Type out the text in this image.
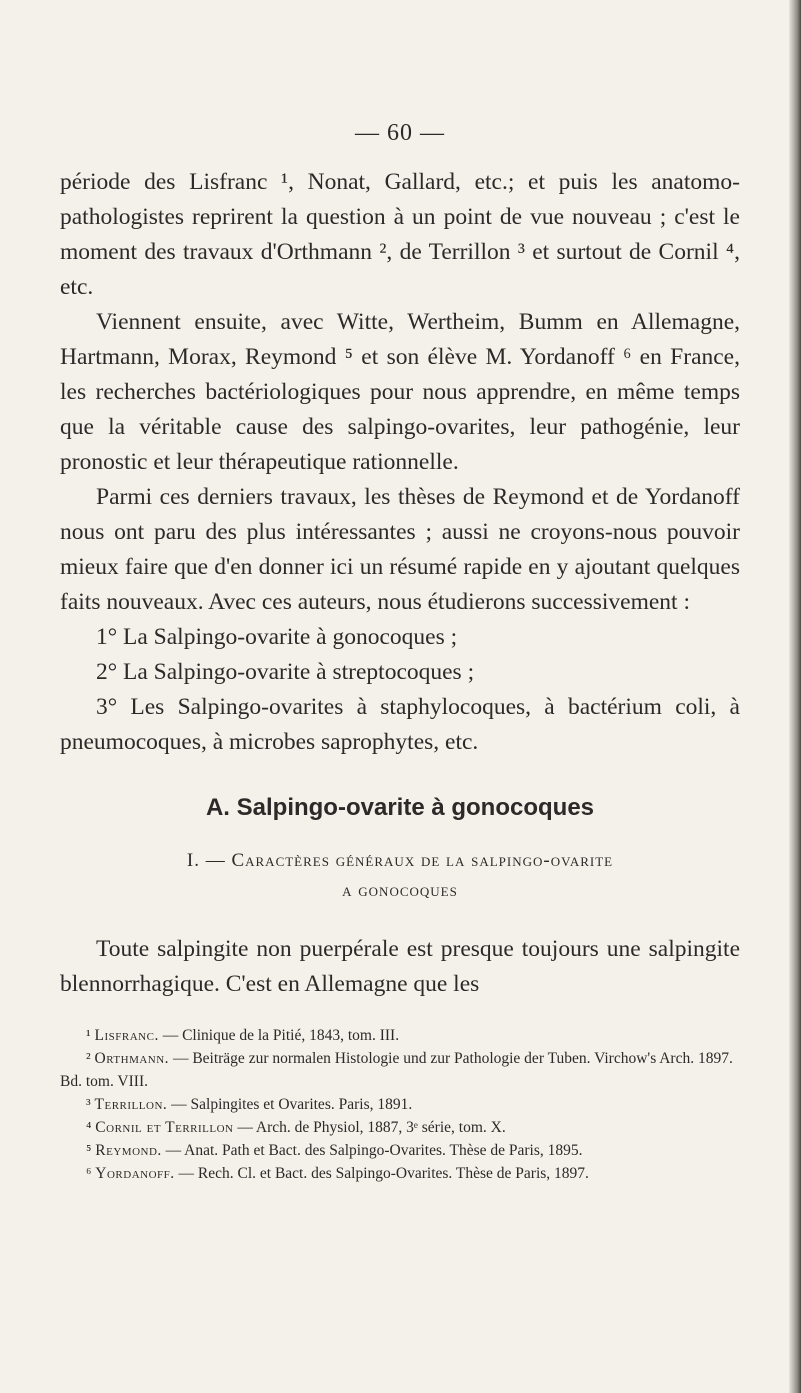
— 60 —

période des Lisfranc ¹, Nonat, Gallard, etc.; et puis les anatomo-pathologistes reprirent la question à un point de vue nouveau ; c'est le moment des travaux d'Orthmann ², de Terrillon ³ et surtout de Cornil ⁴, etc.

Viennent ensuite, avec Witte, Wertheim, Bumm en Allemagne, Hartmann, Morax, Reymond ⁵ et son élève M. Yordanoff ⁶ en France, les recherches bactériologiques pour nous apprendre, en même temps que la véritable cause des salpingo-ovarites, leur pathogénie, leur pronostic et leur thérapeutique rationnelle.

Parmi ces derniers travaux, les thèses de Reymond et de Yordanoff nous ont paru des plus intéressantes ; aussi ne croyons-nous pouvoir mieux faire que d'en donner ici un résumé rapide en y ajoutant quelques faits nouveaux. Avec ces auteurs, nous étudierons successivement :

1° La Salpingo-ovarite à gonocoques ;

2° La Salpingo-ovarite à streptocoques ;

3° Les Salpingo-ovarites à staphylocoques, à bactérium coli, à pneumocoques, à microbes saprophytes, etc.

A. Salpingo-ovarite à gonocoques
I. — Caractères généraux de la salpingo-ovarite
a gonocoques

Toute salpingite non puerpérale est presque toujours une salpingite blennorrhagique. C'est en Allemagne que les

¹ Lisfranc. — Clinique de la Pitié, 1843, tom. III.

² Orthmann. — Beiträge zur normalen Histologie und zur Pathologie der Tuben. Virchow's Arch. 1897. Bd. tom. VIII.

³ Terrillon. — Salpingites et Ovarites. Paris, 1891.

⁴ Cornil et Terrillon — Arch. de Physiol, 1887, 3ᵉ série, tom. X.

⁵ Reymond. — Anat. Path et Bact. des Salpingo-Ovarites. Thèse de Paris, 1895.

⁶ Yordanoff. — Rech. Cl. et Bact. des Salpingo-Ovarites. Thèse de Paris, 1897.
